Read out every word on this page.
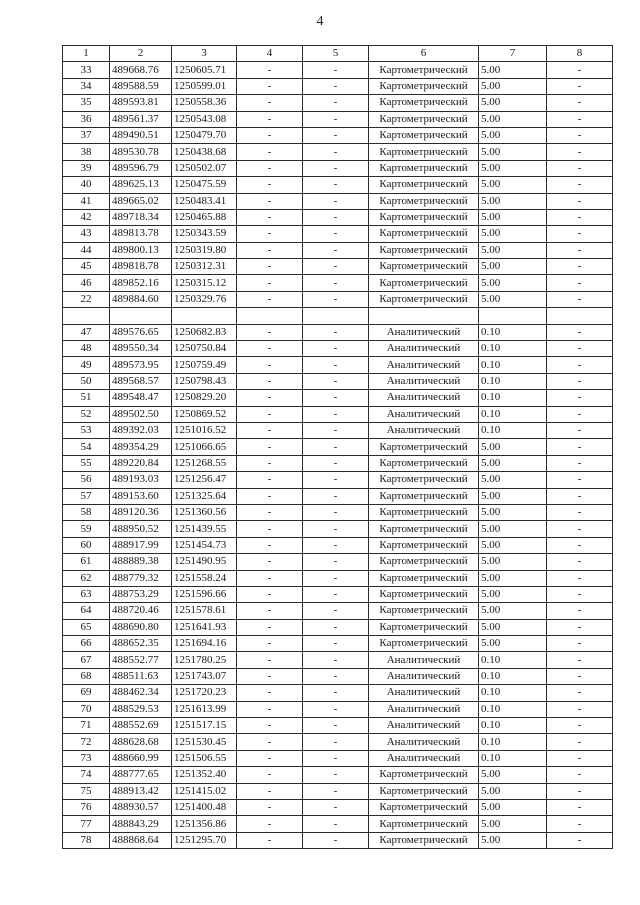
4
1	2	3	4	5	6	7	8
33	489668.76	1250605.71	-	-	Картометрический	5.00	-
34	489588.59	1250599.01	-	-	Картометрический	5.00	-
35	489593.81	1250558.36	-	-	Картометрический	5.00	-
36	489561.37	1250543.08	-	-	Картометрический	5.00	-
37	489490.51	1250479.70	-	-	Картометрический	5.00	-
38	489530.78	1250438.68	-	-	Картометрический	5.00	-
39	489596.79	1250502.07	-	-	Картометрический	5.00	-
40	489625.13	1250475.59	-	-	Картометрический	5.00	-
41	489665.02	1250483.41	-	-	Картометрический	5.00	-
42	489718.34	1250465.88	-	-	Картометрический	5.00	-
43	489813.78	1250343.59	-	-	Картометрический	5.00	-
44	489800.13	1250319.80	-	-	Картометрический	5.00	-
45	489818.78	1250312.31	-	-	Картометрический	5.00	-
46	489852.16	1250315.12	-	-	Картометрический	5.00	-
22	489884.60	1250329.76	-	-	Картометрический	5.00	-

47	489576.65	1250682.83	-	-	Аналитический	0.10	-
48	489550.34	1250750.84	-	-	Аналитический	0.10	-
49	489573.95	1250759.49	-	-	Аналитический	0.10	-
50	489568.57	1250798.43	-	-	Аналитический	0.10	-
51	489548.47	1250829.20	-	-	Аналитический	0.10	-
52	489502.50	1250869.52	-	-	Аналитический	0.10	-
53	489392.03	1251016.52	-	-	Аналитический	0.10	-
54	489354.29	1251066.65	-	-	Картометрический	5.00	-
55	489220.84	1251268.55	-	-	Картометрический	5.00	-
56	489193.03	1251256.47	-	-	Картометрический	5.00	-
57	489153.60	1251325.64	-	-	Картометрический	5.00	-
58	489120.36	1251360.56	-	-	Картометрический	5.00	-
59	488950.52	1251439.55	-	-	Картометрический	5.00	-
60	488917.99	1251454.73	-	-	Картометрический	5.00	-
61	488889.38	1251490.95	-	-	Картометрический	5.00	-
62	488779.32	1251558.24	-	-	Картометрический	5.00	-
63	488753.29	1251596.66	-	-	Картометрический	5.00	-
64	488720.46	1251578.61	-	-	Картометрический	5.00	-
65	488690.80	1251641.93	-	-	Картометрический	5.00	-
66	488652.35	1251694.16	-	-	Картометрический	5.00	-
67	488552.77	1251780.25	-	-	Аналитический	0.10	-
68	488511.63	1251743.07	-	-	Аналитический	0.10	-
69	488462.34	1251720.23	-	-	Аналитический	0.10	-
70	488529.53	1251613.99	-	-	Аналитический	0.10	-
71	488552.69	1251517.15	-	-	Аналитический	0.10	-
72	488628.68	1251530.45	-	-	Аналитический	0.10	-
73	488660.99	1251506.55	-	-	Аналитический	0.10	-
74	488777.65	1251352.40	-	-	Картометрический	5.00	-
75	488913.42	1251415.02	-	-	Картометрический	5.00	-
76	488930.57	1251400.48	-	-	Картометрический	5.00	-
77	488843.29	1251356.86	-	-	Картометрический	5.00	-
78	488868.64	1251295.70	-	-	Картометрический	5.00	-
